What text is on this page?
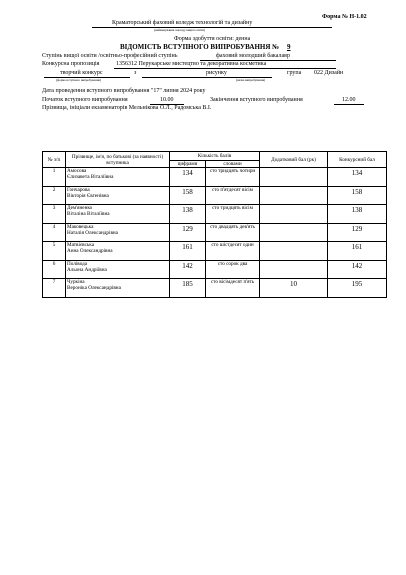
Форма № Н-1.02
Краматорський фаховий коледж технологій та дизайну
(найменування закладу вищої освіти)
Форма здобуття освіти: денна
ВІДОМІСТЬ ВСТУПНОГО ВИПРОБУВАННЯ № 9
Ступінь вищої освіти /освітньо-професійний ступінь	фаховий молодший бакалавр
Конкурсна пропозиція	1356312 Перукарське мистецтво та декоративна косметика
творчий конкурс	з	рисунку	група 022 Дизайн
(форма вступного випробування)	(назва випробування)
Дата проведення вступного випробування "17" липня 2024 року
Початок вступного випробування	10.00	Закінчення вступного випробування	12.00
Прізвища, ініціали екзаменаторів Мельнікова О.Л., Радомська В.І.
№ з/п	Прізвище, ім'я, по батькові (за наявності) вступника	Кількість балів		Додатковий бал (рк)	Конкурсний бал
		цифрами	словами		
1	Амосова
Єлизавета Віталіївна	134	сто тридцять чотири		134
2	Гончарова
Вікторія Євгенівна	158	сто п'ятдесят вісім		158
3	Дем'яненко
Віталіна Віталіївна	138	сто тридцять вісім		138
4	Маковецька
Наталія Олександрівна	129	сто двадцять дев'ять		129
5	Матвієвська
Анна Олександрівна	161	сто шістдесят один		161
6	Полівода
Альона Андріївна	142	сто сорок два		142
7	Чуркіна
Вероніка Олександрівна	185	сто вісімдесят п'ять	10	195
